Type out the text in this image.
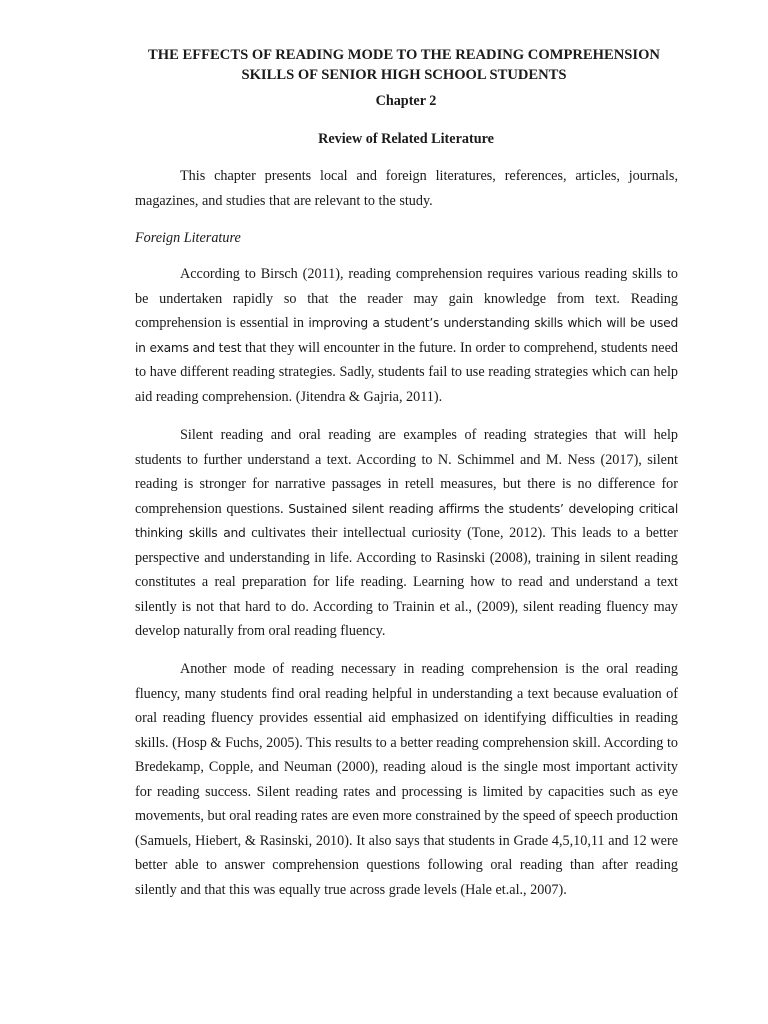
THE EFFECTS OF READING MODE TO THE READING COMPREHENSION
SKILLS OF SENIOR HIGH SCHOOL STUDENTS
Chapter 2
Review of Related Literature

This chapter presents local and foreign literatures, references, articles, journals, magazines, and studies that are relevant to the study.

Foreign Literature

According to Birsch (2011), reading comprehension requires various reading skills to be undertaken rapidly so that the reader may gain knowledge from text. Reading comprehension is essential in improving a student’s understanding skills which will be used in exams and test that they will encounter in the future. In order to comprehend, students need to have different reading strategies. Sadly, students fail to use reading strategies which can help aid reading comprehension. (Jitendra & Gajria, 2011).

Silent reading and oral reading are examples of reading strategies that will help students to further understand a text. According to N. Schimmel and M. Ness (2017), silent reading is stronger for narrative passages in retell measures, but there is no difference for comprehension questions. Sustained silent reading affirms the students’ developing critical thinking skills and cultivates their intellectual curiosity (Tone, 2012). This leads to a better perspective and understanding in life. According to Rasinski (2008), training in silent reading constitutes a real preparation for life reading. Learning how to read and understand a text silently is not that hard to do. According to Trainin et al., (2009), silent reading fluency may develop naturally from oral reading fluency.

Another mode of reading necessary in reading comprehension is the oral reading fluency, many students find oral reading helpful in understanding a text because evaluation of oral reading fluency provides essential aid emphasized on identifying difficulties in reading skills. (Hosp & Fuchs, 2005). This results to a better reading comprehension skill. According to Bredekamp, Copple, and Neuman (2000), reading aloud is the single most important activity for reading success. Silent reading rates and processing is limited by capacities such as eye movements, but oral reading rates are even more constrained by the speed of speech production (Samuels, Hiebert, & Rasinski, 2010). It also says that students in Grade 4,5,10,11 and 12 were better able to answer comprehension questions following oral reading than after reading silently and that this was equally true across grade levels (Hale et.al., 2007).
